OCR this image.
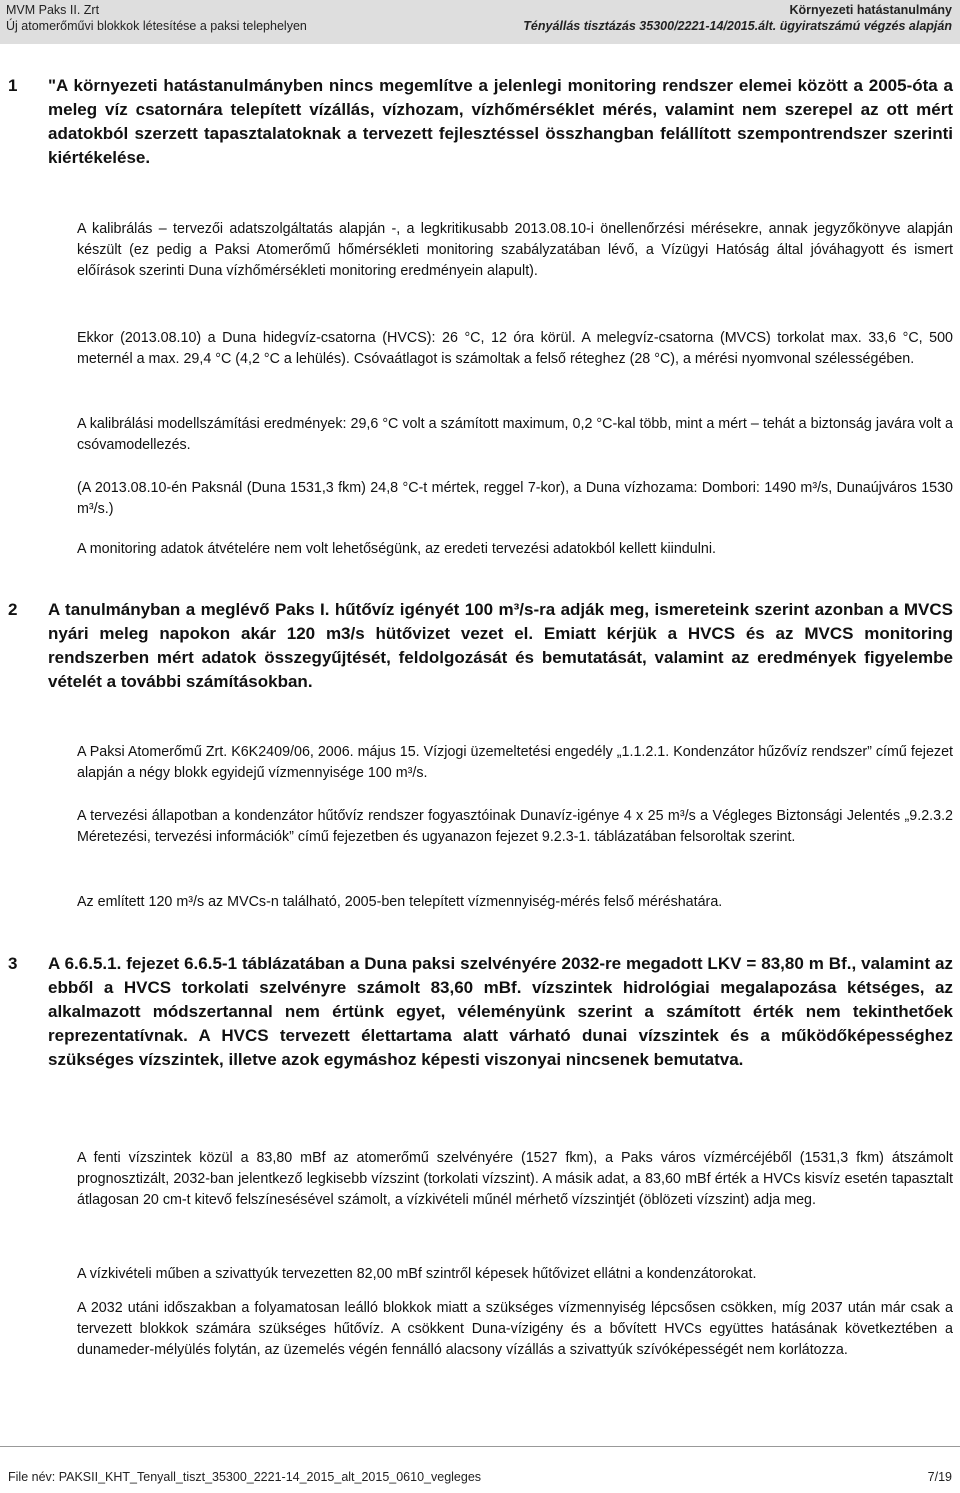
MVM Paks II. Zrt
Új atomerőművi blokkok létesítése a paksi telephelyen
Környezeti hatástanulmány
Tényállás tisztázás 35300/2221-14/2015.ált. ügyiratszámú végzés alapján
1 "A környezeti hatástanulmányben nincs megemlítve a jelenlegi monitoring rendszer elemei között a 2005-óta a meleg víz csatornára telepített vízállás, vízhozam, vízhőmérséklet mérés, valamint nem szerepel az ott mért adatokból szerzett tapasztalatoknak a tervezett fejlesztéssel összhangban felállított szempontrendszer szerinti kiértékelése.
A kalibrálás – tervezői adatszolgáltatás alapján -, a legkritikusabb 2013.08.10-i önellenőrzési mérésekre, annak jegyzőkönyve alapján készült (ez pedig a Paksi Atomerőmű hőmérsékleti monitoring szabályzatában lévő, a Vízügyi Hatóság által jóváhagyott és ismert előírások szerinti Duna vízhőmérsékleti monitoring eredményein alapult).
Ekkor (2013.08.10) a Duna hidegvíz-csatorna (HVCS): 26 °C, 12 óra körül. A melegvíz-csatorna (MVCS) torkolat max. 33,6 °C, 500 meternél a max. 29,4 °C (4,2 °C a lehülés). Csóvaátlagot is számoltak a felső réteghez (28 °C), a mérési nyomvonal szélességében.
A kalibrálási modellszámítási eredmények: 29,6 °C volt a számított maximum, 0,2 °C-kal több, mint a mért – tehát a biztonság javára volt a csóvamodellezés.
(A 2013.08.10-én Paksnál (Duna 1531,3 fkm) 24,8 °C-t mértek, reggel 7-kor), a Duna vízhozama: Dombori: 1490 m³/s, Dunaújváros 1530 m³/s.)
A monitoring adatok átvételére nem volt lehetőségünk, az eredeti tervezési adatokból kellett kiindulni.
2 A tanulmányban a meglévő Paks I. hűtővíz igényét 100 m³/s-ra adják meg, ismereteink szerint azonban a MVCS nyári meleg napokon akár 120 m3/s hütővizet vezet el. Emiatt kérjük a HVCS és az MVCS monitoring rendszerben mért adatok összegyűjtését, feldolgozását és bemutatását, valamint az eredmények figyelembe vételét a további számításokban.
A Paksi Atomerőmű Zrt. K6K2409/06, 2006. május 15. Vízjogi üzemeltetési engedély „1.1.2.1. Kondenzátor hűzővíz rendszer” című fejezet alapján a négy blokk egyidejű vízmennyisége 100 m³/s.
A tervezési állapotban a kondenzátor hűtővíz rendszer fogyasztóinak Dunavíz-igénye 4 x 25 m³/s a Végleges Biztonsági Jelentés „9.2.3.2 Méretezési, tervezési információk” című fejezetben és ugyanazon fejezet 9.2.3-1. táblázatában felsoroltak szerint.
Az említett 120 m³/s az MVCs-n található, 2005-ben telepített vízmennyiség-mérés felső méréshatára.
3 A 6.6.5.1. fejezet 6.6.5-1 táblázatában a Duna paksi szelvényére 2032-re megadott LKV = 83,80 m Bf., valamint az ebből a HVCS torkolati szelvényre számolt 83,60 mBf. vízszintek hidrológiai megalapozása kétséges, az alkalmazott módszertannal nem értünk egyet, véleményünk szerint a számított érték nem tekinthetőek reprezentatívnak. A HVCS tervezett élettartama alatt várható dunai vízszintek és a működőképességhez szükséges vízszintek, illetve azok egymáshoz képesti viszonyai nincsenek bemutatva.
A fenti vízszintek közül a 83,80 mBf az atomerőmű szelvényére (1527 fkm), a Paks város vízmércéjéből (1531,3 fkm) átszámolt prognosztizált, 2032-ban jelentkező legkisebb vízszint (torkolati vízszint). A másik adat, a 83,60 mBf érték a HVCs kisvíz esetén tapasztalt átlagosan 20 cm-t kitevő felszínesésével számolt, a vízkivételi műnél mérhető vízszintjét (öblözeti vízszint) adja meg.
A vízkivételi műben a szivattyúk tervezetten 82,00 mBf szintről képesek hűtővizet ellátni a kondenzátorokat.
A 2032 utáni időszakban a folyamatosan leálló blokkok miatt a szükséges vízmennyiség lépcsősen csökken, míg 2037 után már csak a tervezett blokkok számára szükséges hűtővíz. A csökkent Duna-vízigény és a bővített HVCs együttes hatásának következtében a dunameder-mélyülés folytán, az üzemelés végén fennálló alacsony vízállás a szivattyúk szívóképességét nem korlátozza.
File név: PAKSII_KHT_Tenyall_tiszt_35300_2221-14_2015_alt_2015_0610_vegleges	7/19
